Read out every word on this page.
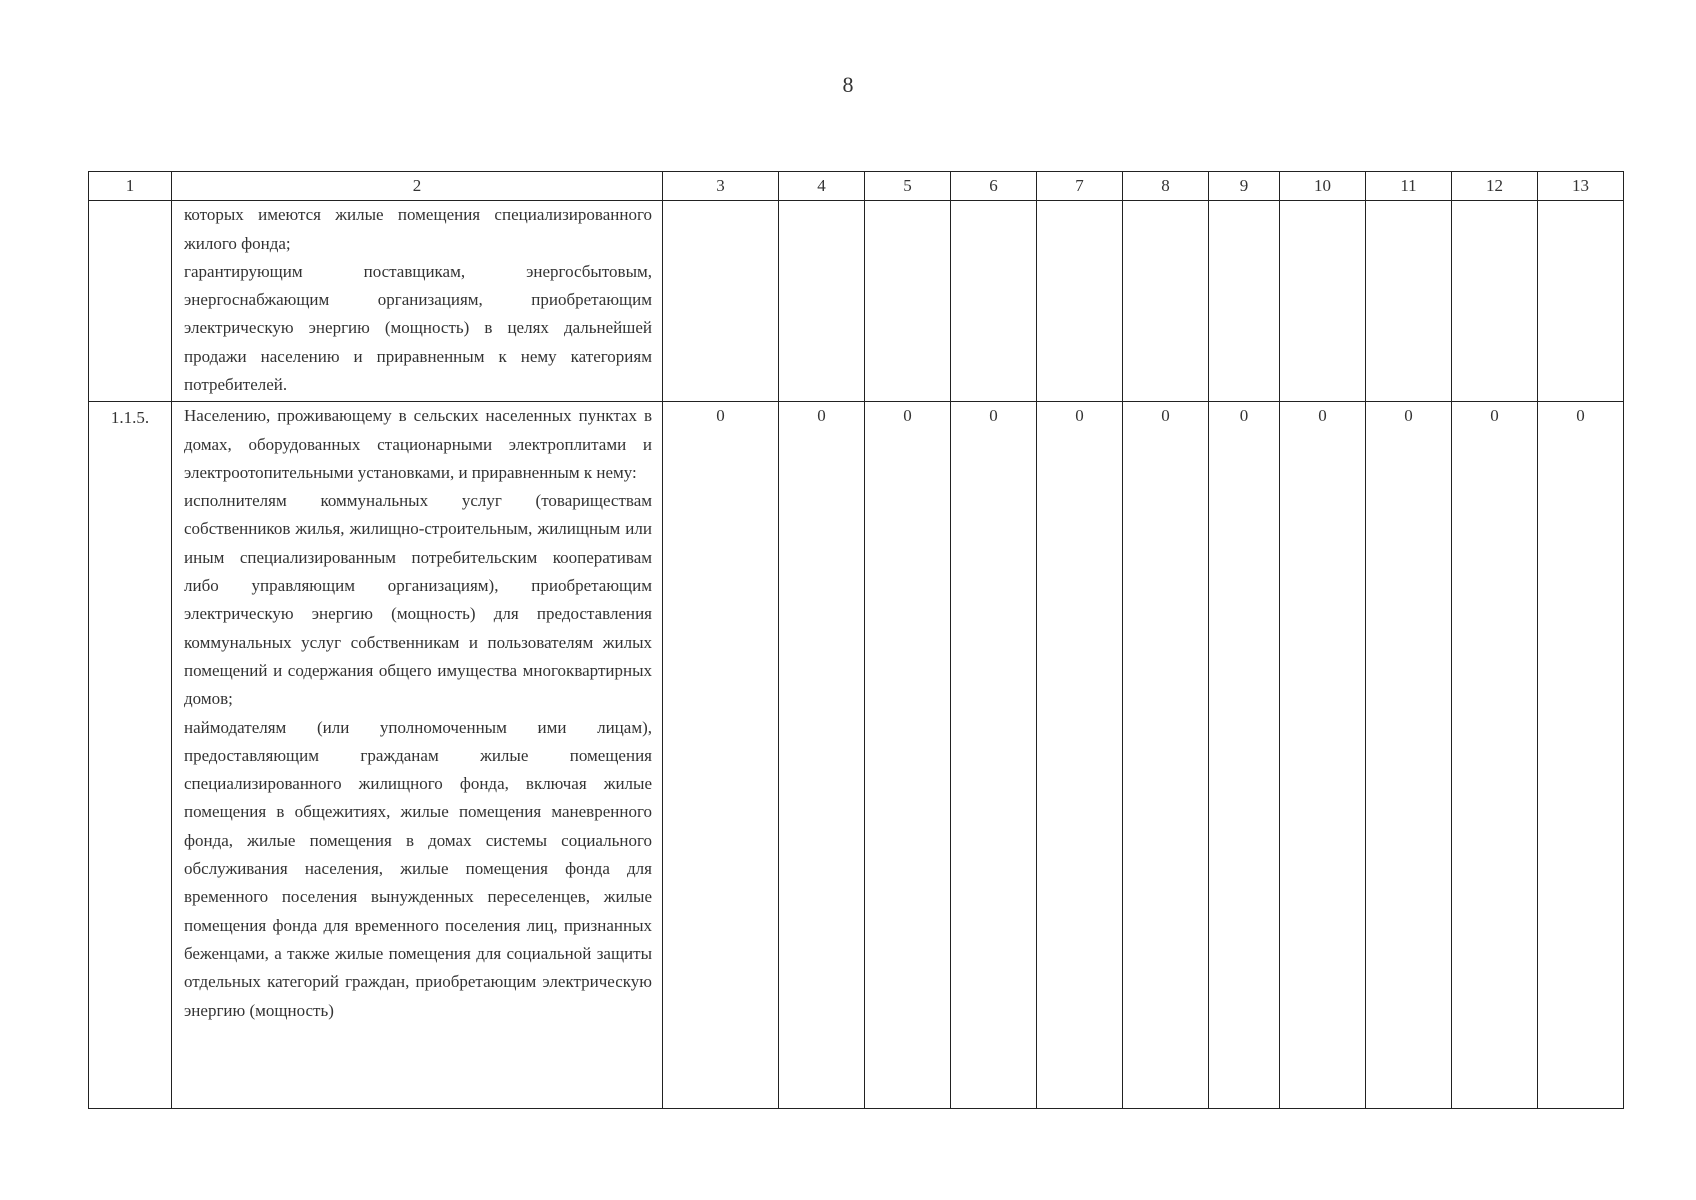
8
1	2	3	4	5	6	7	8	9	10	11	12	13

	которых имеются жилые помещения специализированного жилого фонда;

гарантирующим поставщикам, энергосбытовым, энергоснабжающим организациям, приобретающим электрическую энергию (мощность) в целях дальнейшей продажи населению и приравненным к нему категориям потребителей.											

1.1.5.	Населению, проживающему в сельских населенных пунктах в домах, оборудованных стационарными электроплитами и электроотопительными установками, и приравненным к нему:

исполнителям коммунальных услуг (товариществам собственников жилья, жилищно-строительным, жилищным или иным специализированным потребительским кооперативам либо управляющим организациям), приобретающим электрическую энергию (мощность) для предоставления коммунальных услуг собственникам и пользователям жилых помещений и содержания общего имущества многоквартирных домов;

наймодателям (или уполномоченным ими лицам), предоставляющим гражданам жилые помещения специализированного жилищного фонда, включая жилые помещения в общежитиях, жилые помещения маневренного фонда, жилые помещения в домах системы социального обслуживания населения, жилые помещения фонда для временного поселения вынужденных переселенцев, жилые помещения фонда для временного поселения лиц, признанных беженцами, а также жилые помещения для социальной защиты отдельных категорий граждан, приобретающим электрическую энергию (мощность)	0	0	0	0	0	0	0	0	0	0	0
